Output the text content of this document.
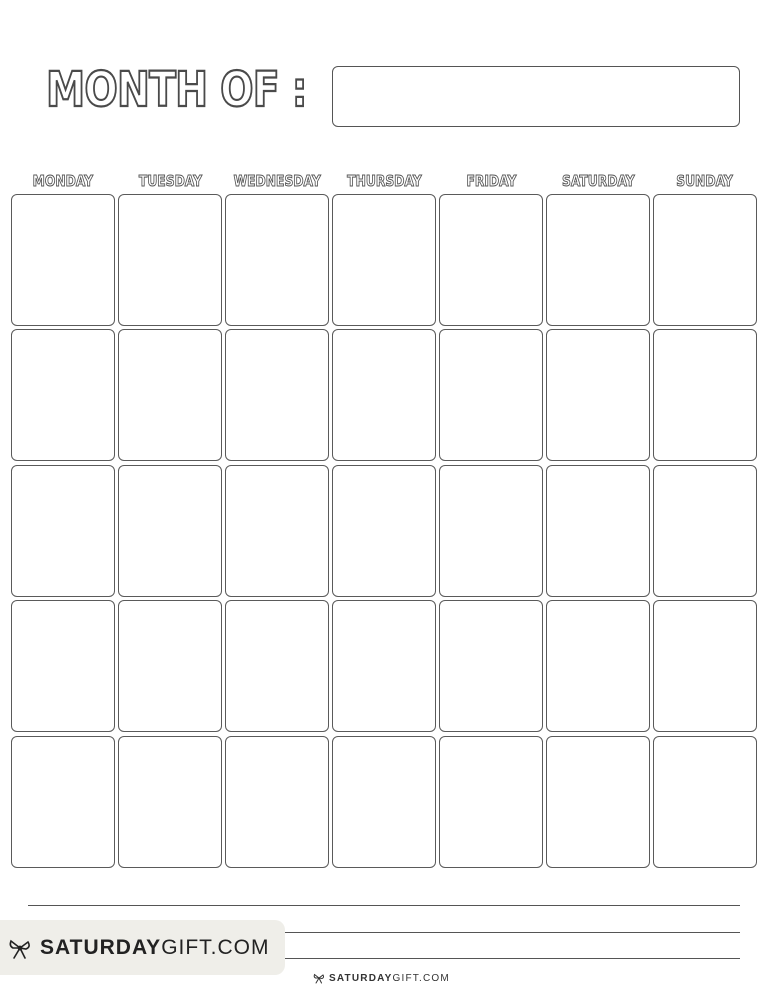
MONTH OF :
MONDAY	TUESDAY WEDNESDAY THURSDAY	FRIDAY	SATURDAY	SUNDAY
SATURDAYGIFT.COM
SATURDAY GIFT.COM
